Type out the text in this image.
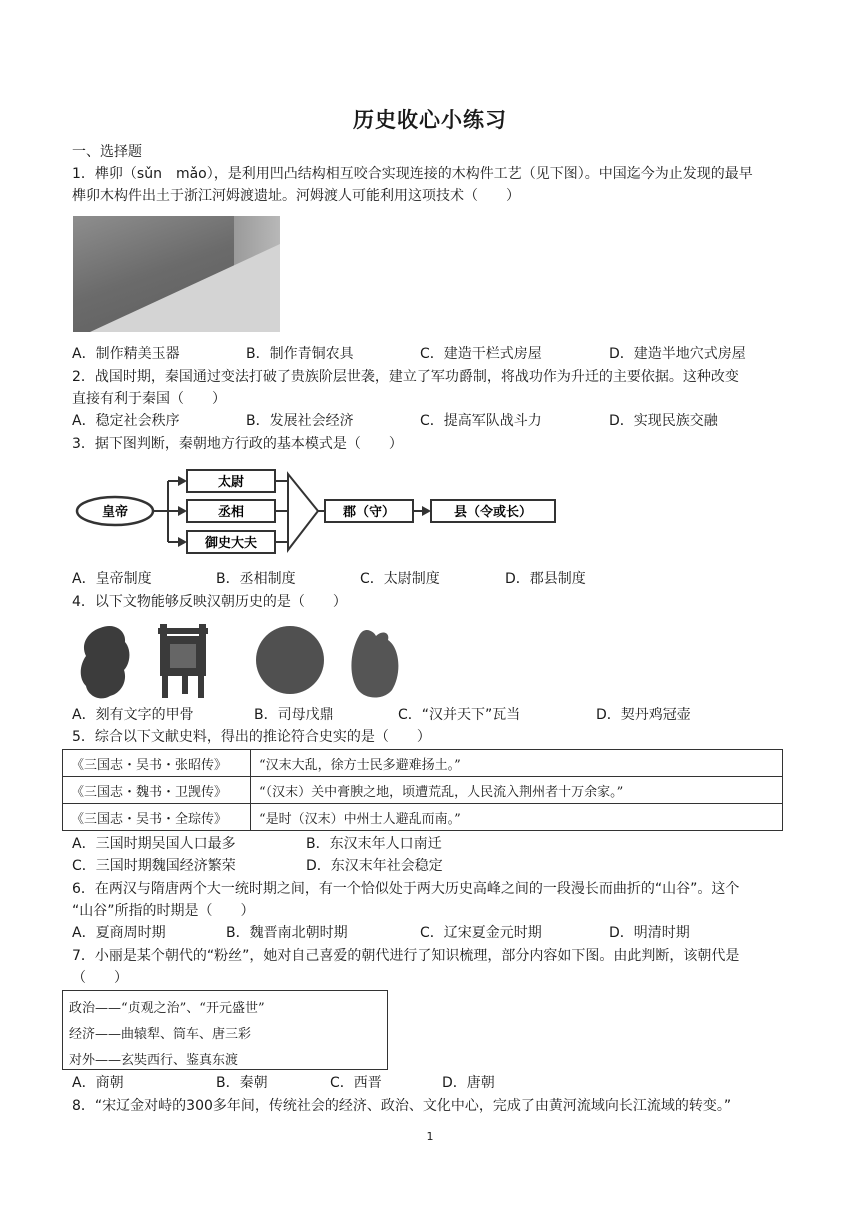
历史收心小练习
一、选择题
1．榫卯（sǔn　mǎo），是利用凹凸结构相互咬合实现连接的木构件工艺（见下图）。中国迄今为止发现的最早
榫卯木构件出土于浙江河姆渡遗址。河姆渡人可能利用这项技术（　　）
A．制作精美玉器	B．制作青铜农具	C．建造干栏式房屋	D．建造半地穴式房屋
2．战国时期，秦国通过变法打破了贵族阶层世袭，建立了军功爵制，将战功作为升迁的主要依据。这种改变
直接有利于秦国（　　）
A．稳定社会秩序	B．发展社会经济	C．提高军队战斗力	D．实现民族交融
3．据下图判断，秦朝地方行政的基本模式是（　　）
皇帝
太尉
丞相
御史大夫
郡（守）	县（令或长）
A．皇帝制度	B．丞相制度	C．太尉制度	D．郡县制度
4．以下文物能够反映汉朝历史的是（　　）
A．刻有文字的甲骨	B．司母戊鼎	C．“汉并天下”瓦当	D．契丹鸡冠壶
5．综合以下文献史料，得出的推论符合史实的是（　　）
《三国志・吴书・张昭传》	“汉末大乱，徐方士民多避难扬土。”
《三国志・魏书・卫觊传》	“（汉末）关中膏腴之地，顷遭荒乱，人民流入荆州者十万余家。”
《三国志・吴书・全琮传》	“是时（汉末）中州士人避乱而南。”
A．三国时期吴国人口最多	B．东汉末年人口南迁
C．三国时期魏国经济繁荣	D．东汉末年社会稳定
6．在两汉与隋唐两个大一统时期之间，有一个恰似处于两大历史高峰之间的一段漫长而曲折的“山谷”。这个
“山谷”所指的时期是（　　）
A．夏商周时期	B．魏晋南北朝时期	C．辽宋夏金元时期	D．明清时期
7．小丽是某个朝代的“粉丝”，她对自己喜爱的朝代进行了知识梳理，部分内容如下图。由此判断，该朝代是
（　　）
政治——“贞观之治”、“开元盛世”
经济——曲辕犁、筒车、唐三彩
对外——玄奘西行、鉴真东渡
A．商朝	B．秦朝	C．西晋	D．唐朝
8．“宋辽金对峙的300多年间，传统社会的经济、政治、文化中心，完成了由黄河流域向长江流域的转变。”
1
